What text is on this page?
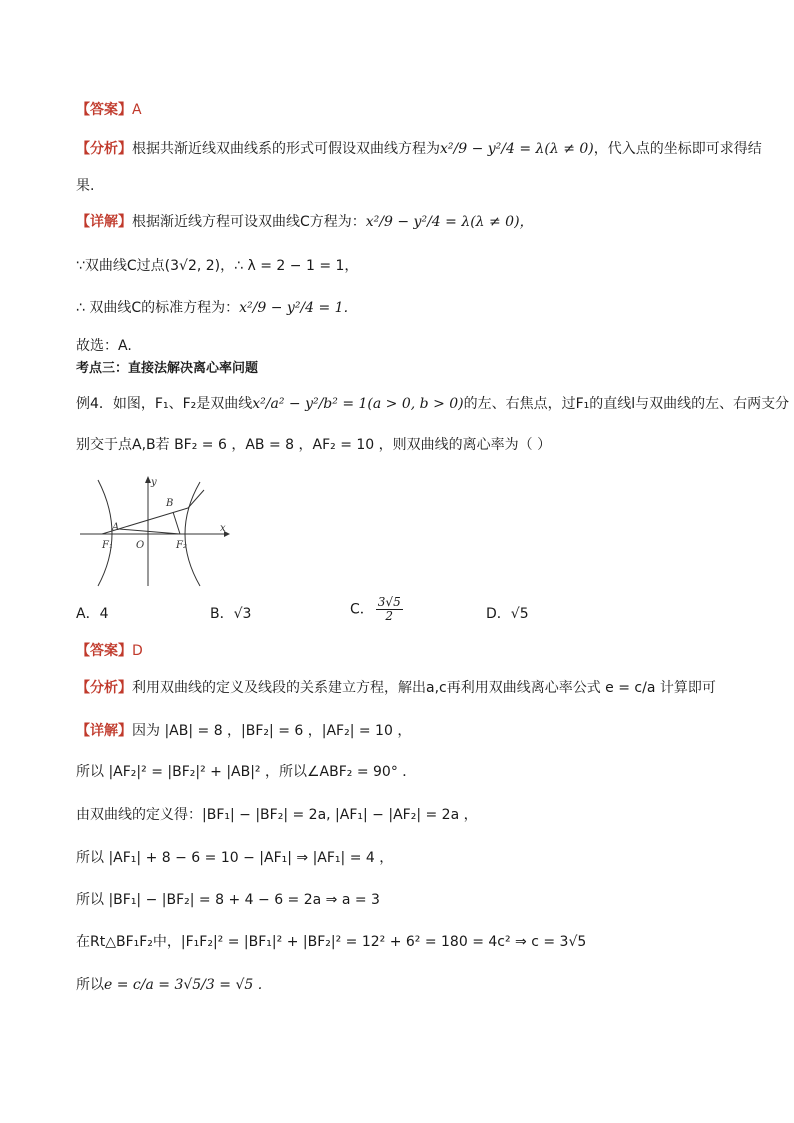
【答案】A
【分析】根据共渐近线双曲线系的形式可假设双曲线方程为x²/9 − y²/4 = λ(λ ≠ 0)，代入点的坐标即可求得结
果.
【详解】根据渐近线方程可设双曲线C方程为：x²/9 − y²/4 = λ(λ ≠ 0)，
∵双曲线C过点(3√2, 2)，∴ λ = 2 − 1 = 1，
∴ 双曲线C的标准方程为：x²/9 − y²/4 = 1.
故选：A.
考点三：直接法解决离心率问题
例4．如图，F₁、F₂是双曲线x²/a² − y²/b² = 1(a > 0, b > 0)的左、右焦点，过F₁的直线l与双曲线的左、右两支分
别交于点A,B若 BF₂ = 6 ，AB = 8 ，AF₂ = 10 ，则双曲线的离心率为（ ）
y
x
A
B
F₁ O	F₂
A．4	B．√3	C． $\frac{3√5}{2}$	D．√5
【答案】D
【分析】利用双曲线的定义及线段的关系建立方程，解出a,c再利用双曲线离心率公式 e = c/a 计算即可
【详解】因为 |AB| = 8 ，|BF₂| = 6 ，|AF₂| = 10 ，
所以 |AF₂|² = |BF₂|² + |AB|² ，所以∠ABF₂ = 90° ．
由双曲线的定义得：|BF₁| − |BF₂| = 2a, |AF₁| − |AF₂| = 2a ，
所以 |AF₁| + 8 − 6 = 10 − |AF₁| ⇒ |AF₁| = 4 ，
所以 |BF₁| − |BF₂| = 8 + 4 − 6 = 2a ⇒ a = 3
在Rt△BF₁F₂中，|F₁F₂|² = |BF₁|² + |BF₂|² = 12² + 6² = 180 = 4c² ⇒ c = 3√5
所以e = c/a = 3√5/3 = √5 .
